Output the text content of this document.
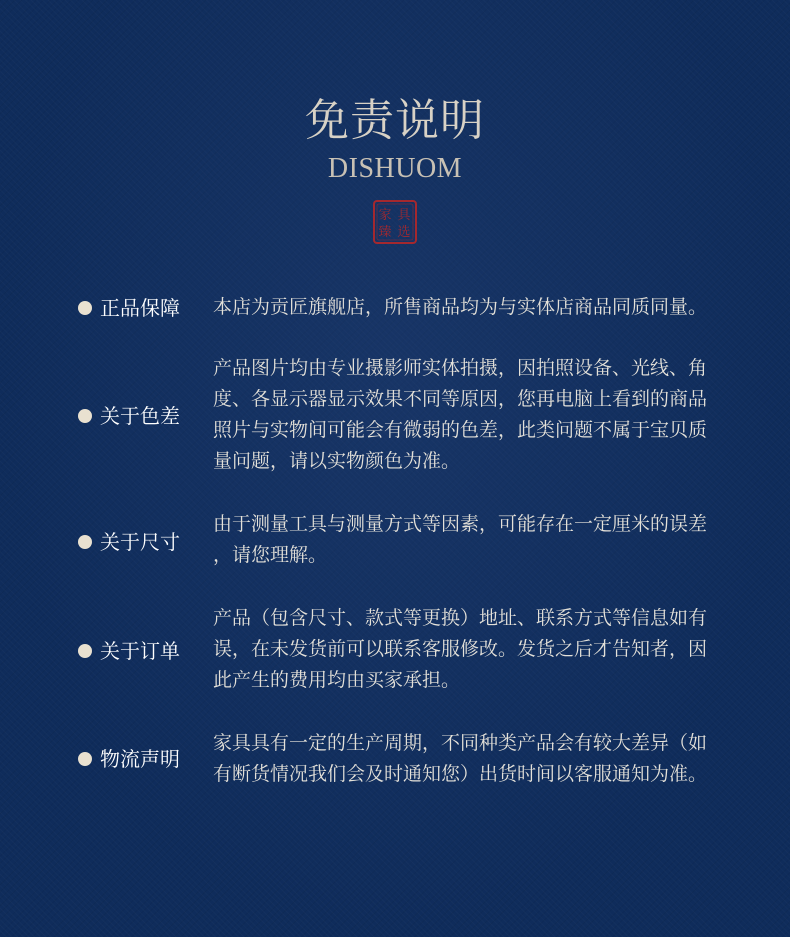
免责说明
DISHUOM
家 具
臻 选
正品保障	本店为贡匠旗舰店，所售商品均为与实体店商品同质同量。
关于色差
产品图片均由专业摄影师实体拍摄，因拍照设备、光线、角
度、各显示器显示效果不同等原因，您再电脑上看到的商品
照片与实物间可能会有微弱的色差，此类问题不属于宝贝质
量问题，请以实物颜色为准。
关于尺寸
由于测量工具与测量方式等因素，可能存在一定厘米的误差
，请您理解。
关于订单
产品（包含尺寸、款式等更换）地址、联系方式等信息如有
误，在未发货前可以联系客服修改。发货之后才告知者，因
此产生的费用均由买家承担。
物流声明
家具具有一定的生产周期，不同种类产品会有较大差异（如
有断货情况我们会及时通知您）出货时间以客服通知为准。
